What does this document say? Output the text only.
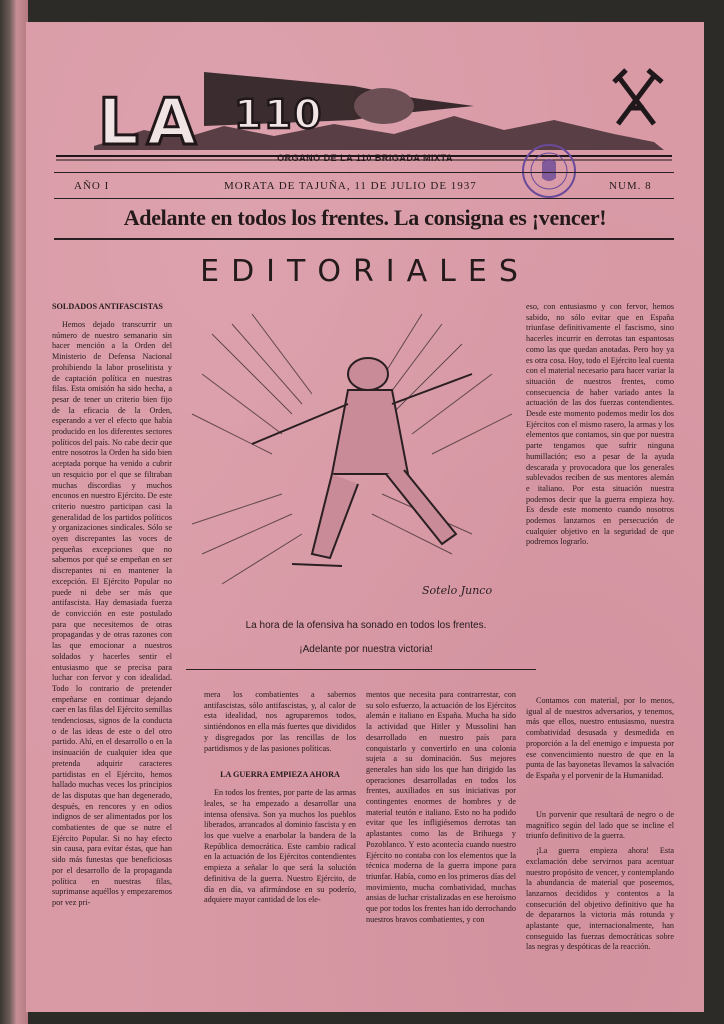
LA 110
ORGANO DE LA 110 BRIGADA MIXTA
AÑO I	MORATA DE TAJUÑA, 11 DE JULIO DE 1937	NUM. 8
Adelante en todos los frentes. La consigna es ¡vencer!
EDITORIALES
SOLDADOS ANTIFASCISTAS

Hemos dejado transcurrir un número de nuestro semanario sin hacer mención a la Orden del Ministerio de Defensa Nacional prohibiendo la labor proselitista y de captación política en nuestras filas. Esta omisión ha sido hecha, a pesar de tener un criterio bien fijo de la eficacia de la Orden, esperando a ver el efecto que había producido en los diferentes sectores políticos del país. No cabe decir que entre nosotros la Orden ha sido bien aceptada porque ha venido a cubrir un resquicio por el que se filtraban muchas discordias y muchos enconos en nuestro Ejército. De este criterio nuestro participan casi la generalidad de los partidos políticos y organizaciones sindicales. Sólo se oyen discrepantes las voces de pequeñas excepciones que no sabemos por qué se empeñan en ser discrepantes ni en mantener la excepción. El Ejército Popular no puede ni debe ser más que antifascista. Hay demasiada fuerza de convicción en este postulado para que necesitemos de otras propagandas y de otras razones con las que emocionar a nuestros soldados y hacerles sentir el entusiasmo que se precisa para luchar con fervor y con idealidad. Todo lo contrario de pretender empeñarse en continuar dejando caer en las filas del Ejército semillas tendenciosas, signos de la conducta o de las ideas de este o del otro partido. Ahí, en el desarrollo o en la insinuación de cualquier idea que pretenda adquirir caracteres partidistas en el Ejército, hemos hallado muchas veces los principios de las disputas que han degenerado, después, en rencores y en odios indignos de ser alimentados por los combatientes de que se nutre el Ejército Popular. Si no hay efecto sin causa, para evitar éstas, que han sido más funestas que beneficiosas por el desarrollo de la propaganda política en nuestras filas, suprimanse aquéllos y empezaremos por vez pri-

Sotelo Junco
La hora de la ofensiva ha sonado en todos los frentes.
¡Adelante por nuestra victoria!

mera los combatientes a sabernos antifascistas, sólo antifascistas, y, al calor de esta idealidad, nos agruparemos todos, sintiéndonos en ella más fuertes que divididos y disgregados por las rencillas de los partidismos y de las pasiones políticas.

LA GUERRA EMPIEZA AHORA

En todos los frentes, por parte de las armas leales, se ha empezado a desarrollar una intensa ofensiva. Son ya muchos los pueblos liberados, arrancados al dominio fascista y en los que vuelve a enarbolar la bandera de la República democrática. Este cambio radical en la actuación de los Ejércitos contendientes empieza a señalar lo que será la solución definitiva de la guerra. Nuestro Ejército, de día en día, va afirmándose en su poderío, adquiere mayor cantidad de los ele-

mentos que necesita para contrarrestar, con su solo esfuerzo, la actuación de los Ejércitos alemán e italiano en España. Mucha ha sido la actividad que Hitler y Mussolini han desarrollado en nuestro país para conquistarlo y convertirlo en una colonia sujeta a su dominación. Sus mejores generales han sido los que han dirigido las operaciones desarrolladas en todos los frentes, auxiliados en sus iniciativas por contingentes enormes de hombres y de material teutón e italiano. Esto no ha podido evitar que les infligiésemos derrotas tan aplastantes como las de Brihuega y Pozoblanco. Y esto acontecía cuando nuestro Ejército no contaba con los elementos que la técnica moderna de la guerra impone para triunfar. Había, como en los primeros días del movimiento, mucha combatividad, muchas ansias de luchar cristalizadas en ese heroísmo que por todos los frentes han ido derrochando nuestros bravos combatientes, y con

eso, con entusiasmo y con fervor, hemos sabido, no sólo evitar que en España triunfase definitivamente el fascismo, sino hacerles incurrir en derrotas tan espantosas como las que quedan anotadas. Pero hoy ya es otra cosa. Hoy, todo el Ejército leal cuenta con el material necesario para hacer variar la situación de nuestros frentes, como consecuencia de haber variado antes la actuación de las dos fuerzas contendientes. Desde este momento podemos medir los dos Ejércitos con el mismo rasero, la armas y los elementos que contamos, sin que por nuestra parte tengamos que sufrir ninguna humillación; eso a pesar de la ayuda descarada y provocadora que los generales sublevados reciben de sus mentores alemán e italiano. Por esta situación nuestra podemos decir que la guerra empieza hoy. Es desde este momento cuando nosotros podemos lanzarnos en persecución de cualquier objetivo en la seguridad de que podremos lograrlo.

Contamos con material, por lo menos, igual al de nuestros adversarios, y tenemos, más que ellos, nuestro entusiasmo, nuestra combatividad desusada y desmedida en proporción a la del enemigo e impuesta por ese convencimiento nuestro de que en la punta de las bayonetas llevamos la salvación de España y el porvenir de la Humanidad.

Un porvenir que resultará de negro o de magnífico según del lado que se incline el triunfo definitivo de la guerra.

¡La guerra empieza ahora! Esta exclamación debe servirnos para acentuar nuestro propósito de vencer, y contemplando la abundancia de material que poseemos, lanzarnos decididos y contentos a la consecución del objetivo definitivo que ha de depararnos la victoria más rotunda y aplastante que, internacionalmente, han conseguido las fuerzas democráticas sobre las negras y despóticas de la reacción.
